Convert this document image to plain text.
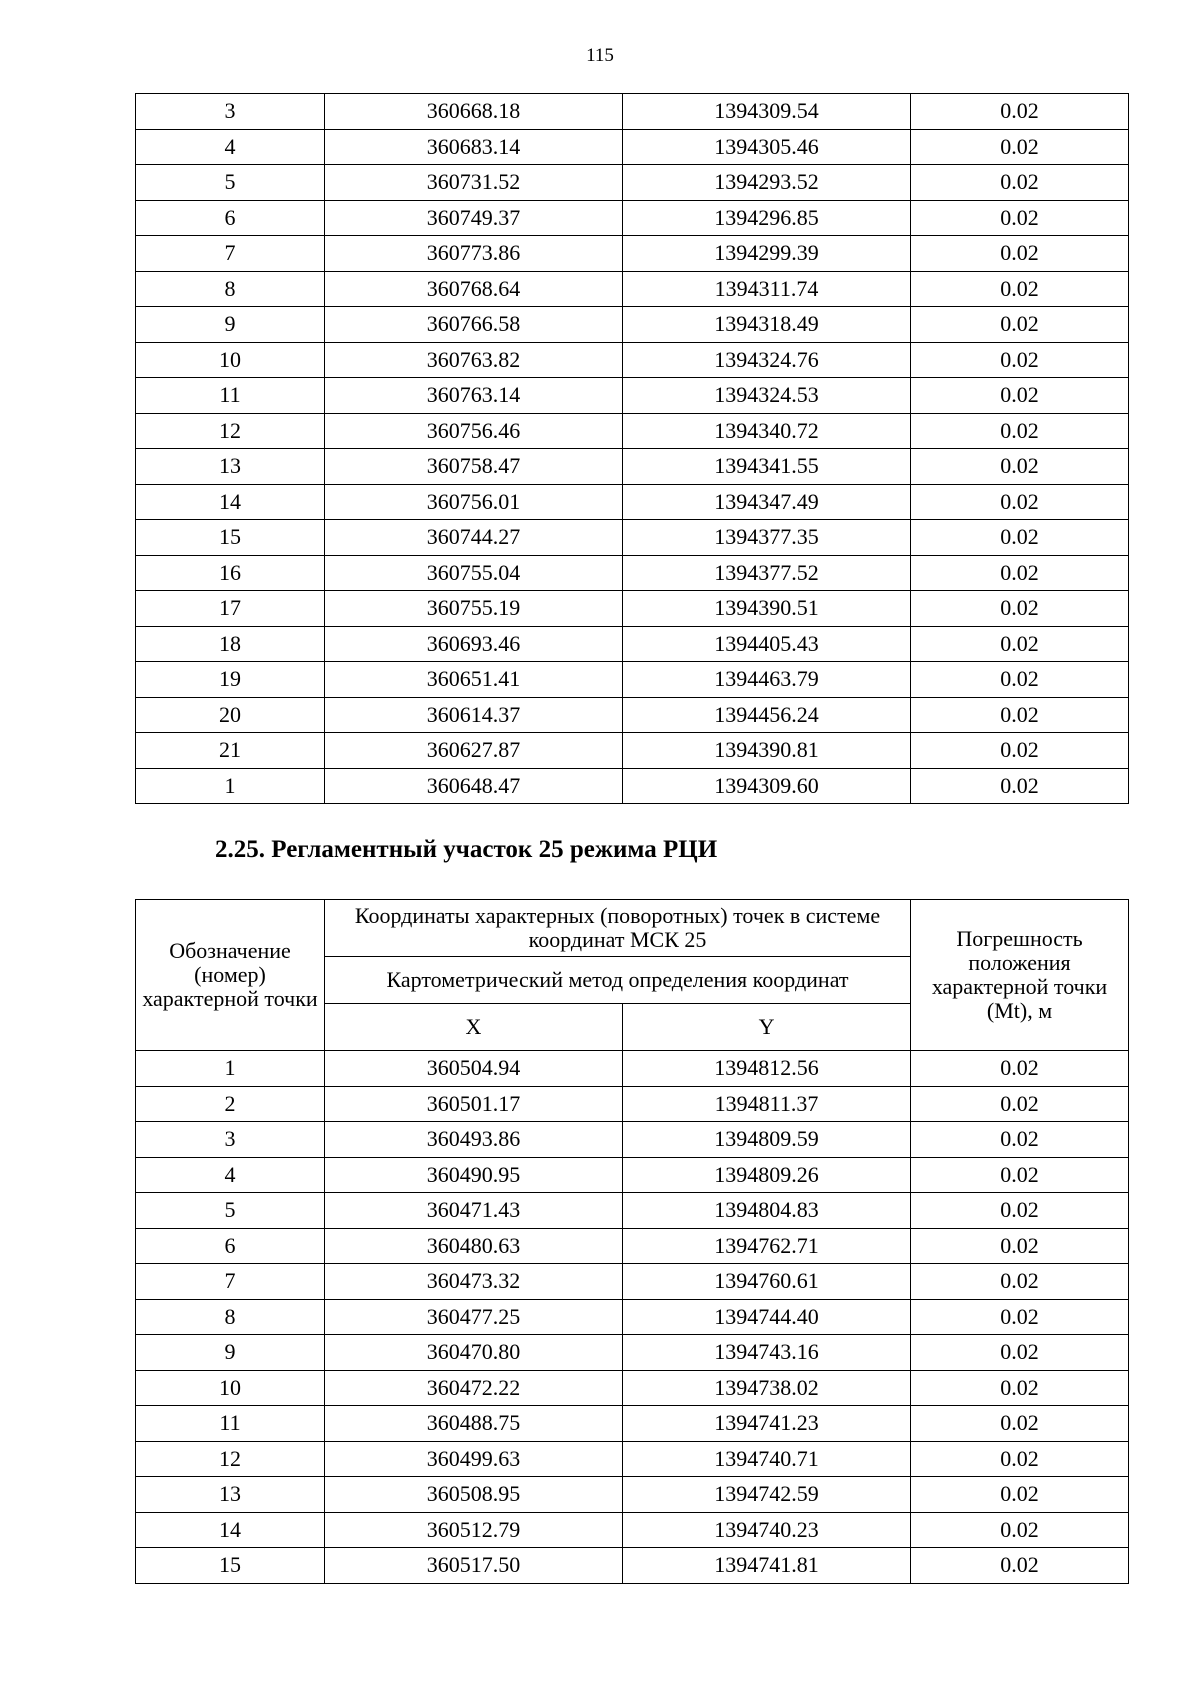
115
3	360668.18	1394309.54	0.02
4	360683.14	1394305.46	0.02
5	360731.52	1394293.52	0.02
6	360749.37	1394296.85	0.02
7	360773.86	1394299.39	0.02
8	360768.64	1394311.74	0.02
9	360766.58	1394318.49	0.02
10	360763.82	1394324.76	0.02
11	360763.14	1394324.53	0.02
12	360756.46	1394340.72	0.02
13	360758.47	1394341.55	0.02
14	360756.01	1394347.49	0.02
15	360744.27	1394377.35	0.02
16	360755.04	1394377.52	0.02
17	360755.19	1394390.51	0.02
18	360693.46	1394405.43	0.02
19	360651.41	1394463.79	0.02
20	360614.37	1394456.24	0.02
21	360627.87	1394390.81	0.02
1	360648.47	1394309.60	0.02
2.25. Регламентный участок 25 режима РЦИ
Обозначение (номер) характерной точки	Координаты характерных (поворотных) точек в системе координат МСК 25		Погрешность положения характерной точки (Mt), м
	Картометрический метод определения координат		
	X	Y	
1	360504.94	1394812.56	0.02
2	360501.17	1394811.37	0.02
3	360493.86	1394809.59	0.02
4	360490.95	1394809.26	0.02
5	360471.43	1394804.83	0.02
6	360480.63	1394762.71	0.02
7	360473.32	1394760.61	0.02
8	360477.25	1394744.40	0.02
9	360470.80	1394743.16	0.02
10	360472.22	1394738.02	0.02
11	360488.75	1394741.23	0.02
12	360499.63	1394740.71	0.02
13	360508.95	1394742.59	0.02
14	360512.79	1394740.23	0.02
15	360517.50	1394741.81	0.02
